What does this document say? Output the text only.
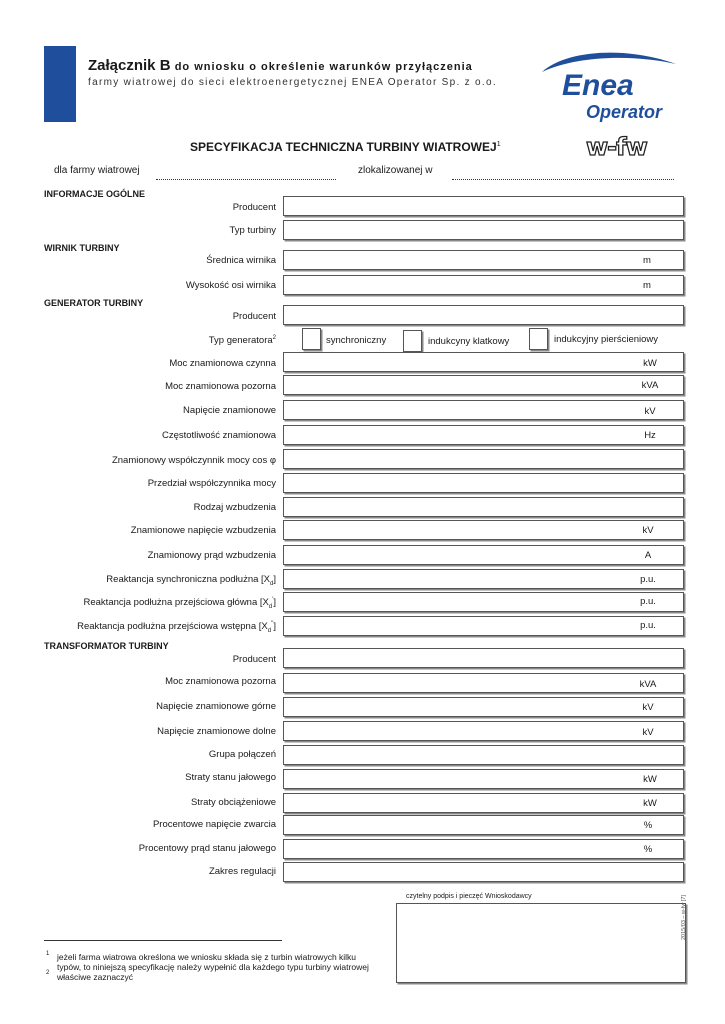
Załącznik B do wniosku o określenie warunków przyłączenia
farmy wiatrowej do sieci elektroenergetycznej ENEA Operator Sp. z o.o. Enea
Operator
SPECYFIKACJA TECHNICZNA TURBINY WIATROWEJ$^1$	w-fw
dla farmy wiatrowej	zlokalizowanej w
INFORMACJE OGÓLNE
Producent
Typ turbiny
WIRNIK TURBINY
Średnica wirnika	m
Wysokość osi wirnika	m
GENERATOR TURBINY
Producent
Typ generatora$^2$	synchroniczny	indukcyny klatkowy	indukcyjny pierścieniowy
Moc znamionowa czynna	kW
Moc znamionowa pozorna	kVA
Napięcie znamionowe	kV
Częstotliwość znamionowa	Hz
Znamionowy współczynnik mocy cos φ
Przedział współczynnika mocy
Rodzaj wzbudzenia
Znamionowe napięcie wzbudzenia	kV
Znamionowy prąd wzbudzenia	A
Reaktancja synchroniczna podłużna $[X_d]$	p.u.
Reaktancja podłużna przejściowa główna $[X_d']$	p.u.
Reaktancja podłużna przejściowa wstępna $[X_d'']$	p.u.
TRANSFORMATOR TURBINY
Producent
Moc znamionowa pozorna	kVA
Napięcie znamionowe górne	kV
Napięcie znamionowe dolne	kV
Grupa połączeń
Straty stanu jałowego	kW
Straty obciążeniowe	kW
Procentowe napięcie zwarcia	%
Procentowy prąd stanu jałowego	%
Zakres regulacji
czytelny podpis i pieczęć Wnioskodawcy
$^1$ jeżeli farma wiatrowa określona we wniosku składa się z turbin wiatrowych kilku
typów, to niniejszą specyfikację należy wypełnić dla każdego typu turbiny wiatrowej
$^2$ właściwe zaznaczyć
2015/03 – w-fw [7]
